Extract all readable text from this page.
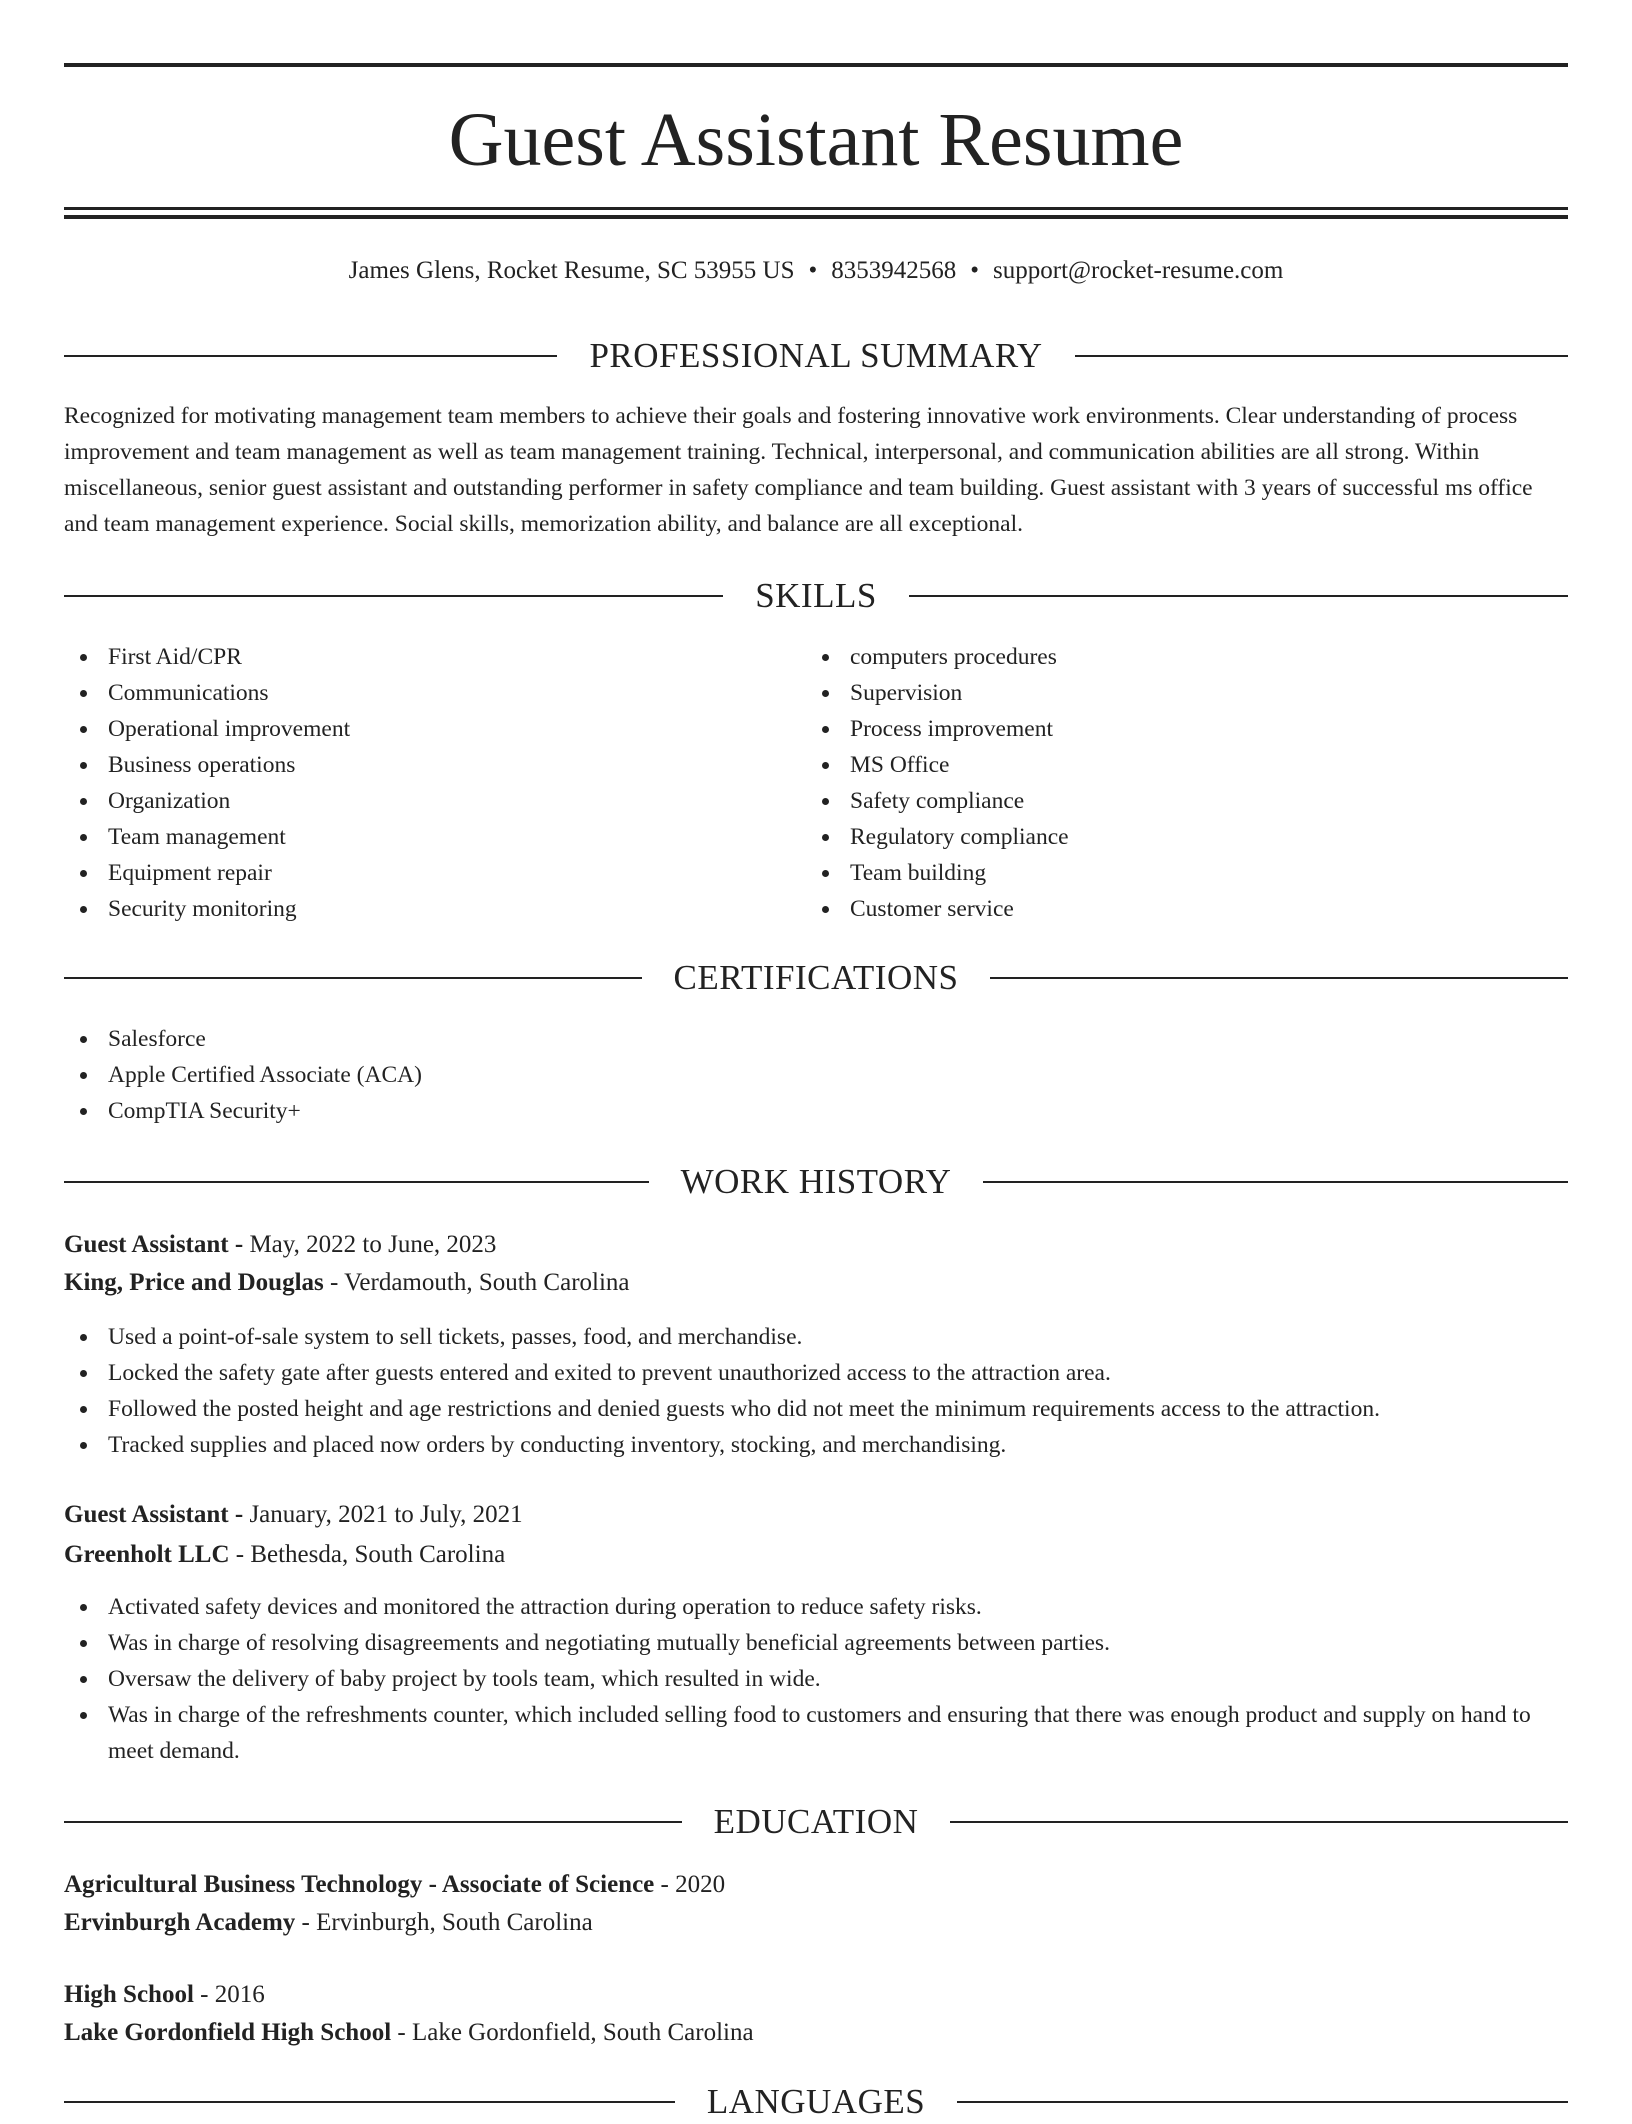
Guest Assistant Resume
James Glens, Rocket Resume, SC 53955 US • 8353942568 • support@rocket-resume.com
PROFESSIONAL SUMMARY
Recognized for motivating management team members to achieve their goals and fostering innovative work environments. Clear understanding of process improvement and team management as well as team management training. Technical, interpersonal, and communication abilities are all strong. Within miscellaneous, senior guest assistant and outstanding performer in safety compliance and team building. Guest assistant with 3 years of successful ms office and team management experience. Social skills, memorization ability, and balance are all exceptional.
SKILLS
First Aid/CPR
Communications
Operational improvement
Business operations
Organization
Team management
Equipment repair
Security monitoring
computers procedures
Supervision
Process improvement
MS Office
Safety compliance
Regulatory compliance
Team building
Customer service
CERTIFICATIONS
Salesforce
Apple Certified Associate (ACA)
CompTIA Security+
WORK HISTORY
Guest Assistant - May, 2022 to June, 2023
King, Price and Douglas - Verdamouth, South Carolina
Used a point-of-sale system to sell tickets, passes, food, and merchandise.
Locked the safety gate after guests entered and exited to prevent unauthorized access to the attraction area.
Followed the posted height and age restrictions and denied guests who did not meet the minimum requirements access to the attraction.
Tracked supplies and placed now orders by conducting inventory, stocking, and merchandising.
Guest Assistant - January, 2021 to July, 2021
Greenholt LLC - Bethesda, South Carolina
Activated safety devices and monitored the attraction during operation to reduce safety risks.
Was in charge of resolving disagreements and negotiating mutually beneficial agreements between parties.
Oversaw the delivery of baby project by tools team, which resulted in wide.
Was in charge of the refreshments counter, which included selling food to customers and ensuring that there was enough product and supply on hand to meet demand.
EDUCATION
Agricultural Business Technology - Associate of Science - 2020
Ervinburgh Academy - Ervinburgh, South Carolina
High School - 2016
Lake Gordonfield High School - Lake Gordonfield, South Carolina
LANGUAGES
